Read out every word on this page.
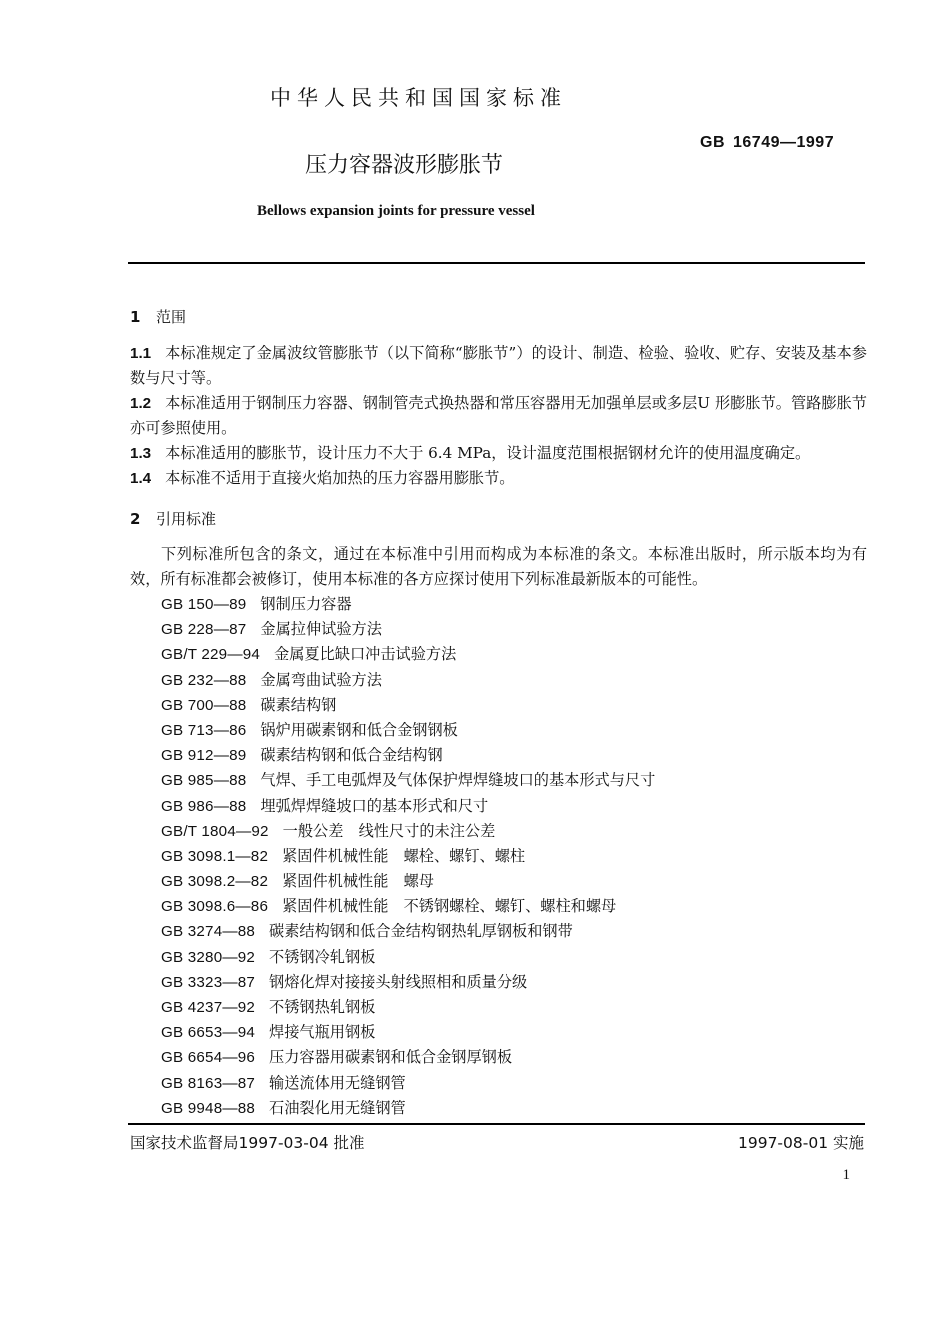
中华人民共和国国家标准
GB 16749—1997
压力容器波形膨胀节
Bellows expansion joints for pressure vessel
1 范围
1.1 本标准规定了金属波纹管膨胀节（以下简称“膨胀节”）的设计、制造、检验、验收、贮存、安装及基本参数与尺寸等。
1.2 本标准适用于钢制压力容器、钢制管壳式换热器和常压容器用无加强单层或多层U 形膨胀节。管路膨胀节亦可参照使用。
1.3 本标准适用的膨胀节，设计压力不大于 6.4 MPa，设计温度范围根据钢材允许的使用温度确定。
1.4 本标准不适用于直接火焰加热的压力容器用膨胀节。
2 引用标准
下列标准所包含的条文，通过在本标准中引用而构成为本标准的条文。本标准出版时，所示版本均为有效，所有标准都会被修订，使用本标准的各方应探讨使用下列标准最新版本的可能性。
GB 150—89 钢制压力容器
GB 228—87 金属拉伸试验方法
GB/T 229—94 金属夏比缺口冲击试验方法
GB 232—88 金属弯曲试验方法
GB 700—88 碳素结构钢
GB 713—86 锅炉用碳素钢和低合金钢钢板
GB 912—89 碳素结构钢和低合金结构钢
GB 985—88 气焊、手工电弧焊及气体保护焊焊缝坡口的基本形式与尺寸
GB 986—88 埋弧焊焊缝坡口的基本形式和尺寸
GB/T 1804—92 一般公差　线性尺寸的未注公差
GB 3098.1—82 紧固件机械性能　螺栓、螺钉、螺柱
GB 3098.2—82 紧固件机械性能　螺母
GB 3098.6—86 紧固件机械性能　不锈钢螺栓、螺钉、螺柱和螺母
GB 3274—88 碳素结构钢和低合金结构钢热轧厚钢板和钢带
GB 3280—92 不锈钢冷轧钢板
GB 3323—87 钢熔化焊对接接头射线照相和质量分级
GB 4237—92 不锈钢热轧钢板
GB 6653—94 焊接气瓶用钢板
GB 6654—96 压力容器用碳素钢和低合金钢厚钢板
GB 8163—87 输送流体用无缝钢管
GB 9948—88 石油裂化用无缝钢管
国家技术监督局1997-03-04 批准	1997-08-01 实施
1
